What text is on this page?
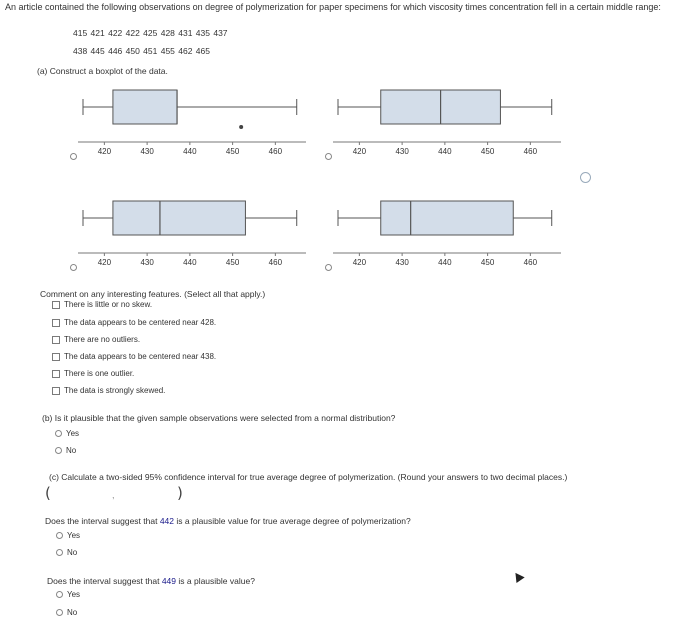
An article contained the following observations on degree of polymerization for paper specimens for which viscosity times concentration fell in a certain middle range:
415 421 422 422 425 428 431 435 437
438 445 446 450 451 455 462 465
(a) Construct a boxplot of the data.
420	430	440	450	460	420	430	440	450	460
420	430	440	450	460	420	430	440	450	460
Comment on any interesting features. (Select all that apply.)
There is little or no skew.
The data appears to be centered near 428.
There are no outliers.
The data appears to be centered near 438.
There is one outlier.
The data is strongly skewed.
(b) Is it plausible that the given sample observations were selected from a normal distribution?
Yes
No
(c) Calculate a two-sided 95% confidence interval for true average degree of polymerization. (Round your answers to two decimal places.)
(	,	)
Does the interval suggest that 442 is a plausible value for true average degree of polymerization?
Yes
No
Does the interval suggest that 449 is a plausible value?
Yes
No
